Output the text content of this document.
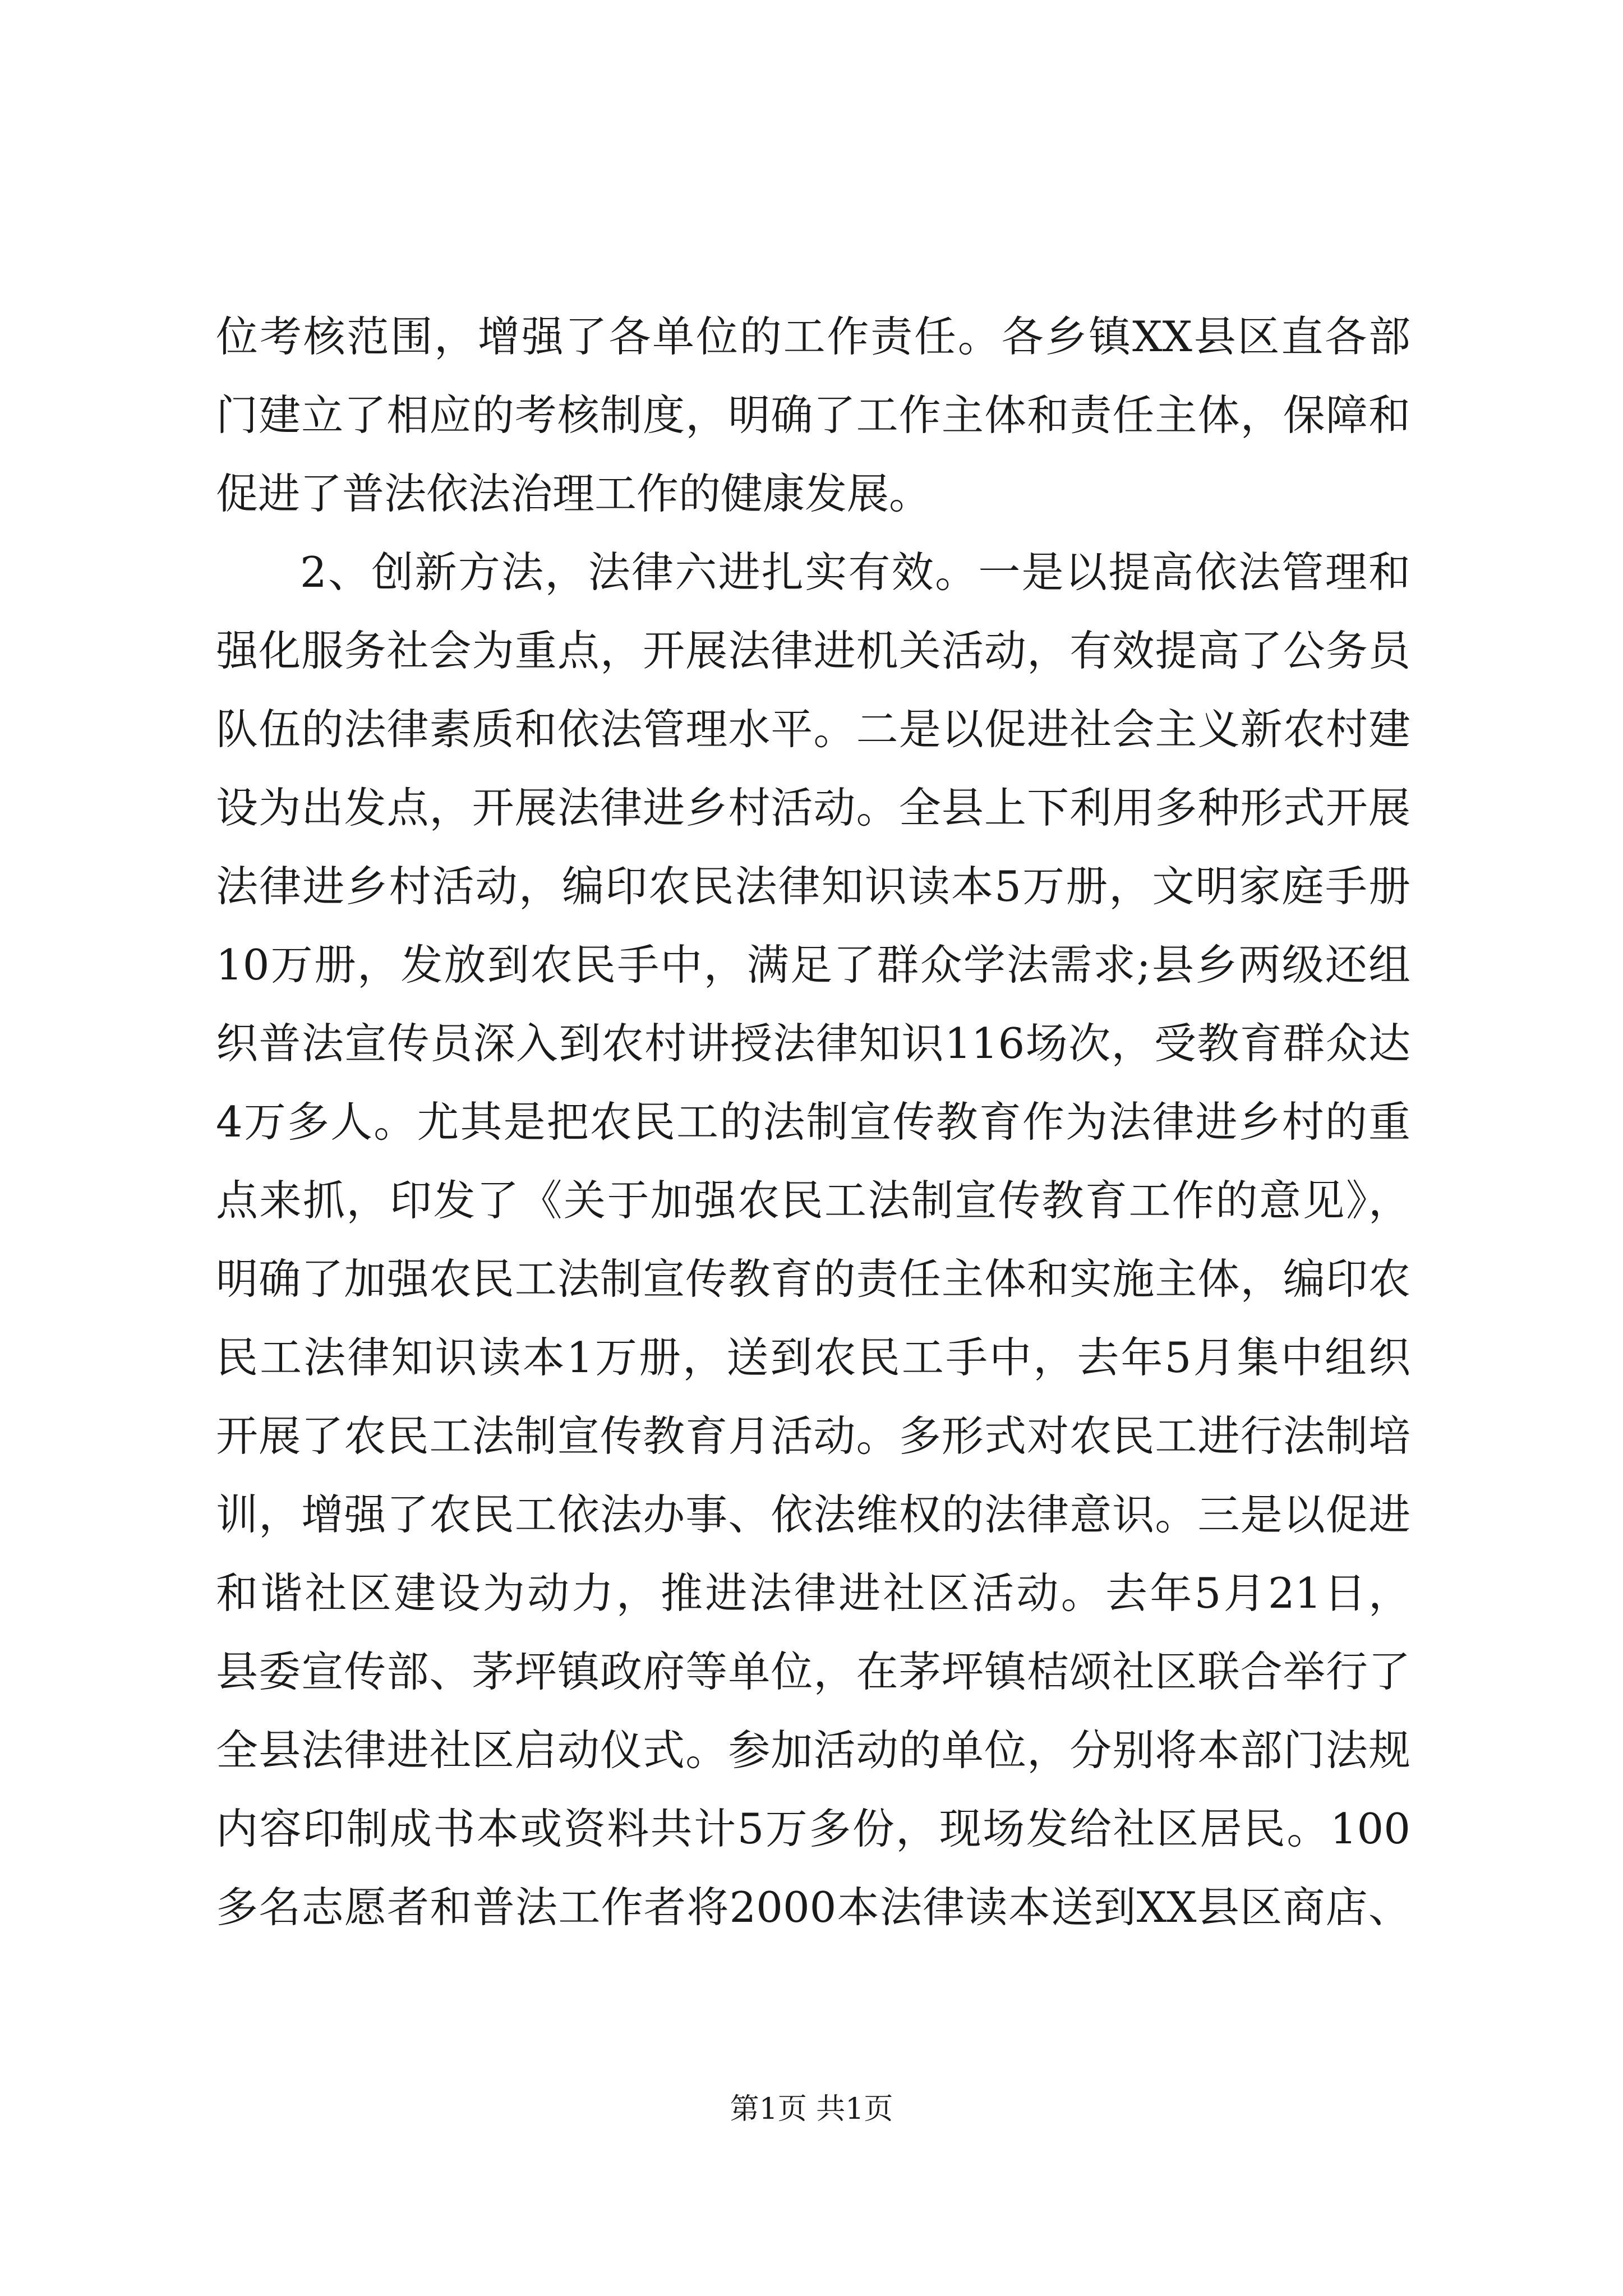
位考核范围，增强了各单位的工作责任。各乡镇XX县区直各部
门建立了相应的考核制度，明确了工作主体和责任主体，保障和
促进了普法依法治理工作的健康发展。
2、创新方法，法律六进扎实有效。一是以提高依法管理和
强化服务社会为重点，开展法律进机关活动，有效提高了公务员
队伍的法律素质和依法管理水平。二是以促进社会主义新农村建
设为出发点，开展法律进乡村活动。全县上下利用多种形式开展
法律进乡村活动，编印农民法律知识读本5万册，文明家庭手册
10万册，发放到农民手中，满足了群众学法需求;县乡两级还组
织普法宣传员深入到农村讲授法律知识116场次，受教育群众达
4万多人。尤其是把农民工的法制宣传教育作为法律进乡村的重
点来抓，印发了《关于加强农民工法制宣传教育工作的意见》，
明确了加强农民工法制宣传教育的责任主体和实施主体，编印农
民工法律知识读本1万册，送到农民工手中，去年5月集中组织
开展了农民工法制宣传教育月活动。多形式对农民工进行法制培
训，增强了农民工依法办事、依法维权的法律意识。三是以促进
和谐社区建设为动力，推进法律进社区活动。去年5月21日，
县委宣传部、茅坪镇政府等单位，在茅坪镇桔颂社区联合举行了
全县法律进社区启动仪式。参加活动的单位，分别将本部门法规
内容印制成书本或资料共计5万多份，现场发给社区居民。100
多名志愿者和普法工作者将2000本法律读本送到XX县区商店、
第1页 共1页
